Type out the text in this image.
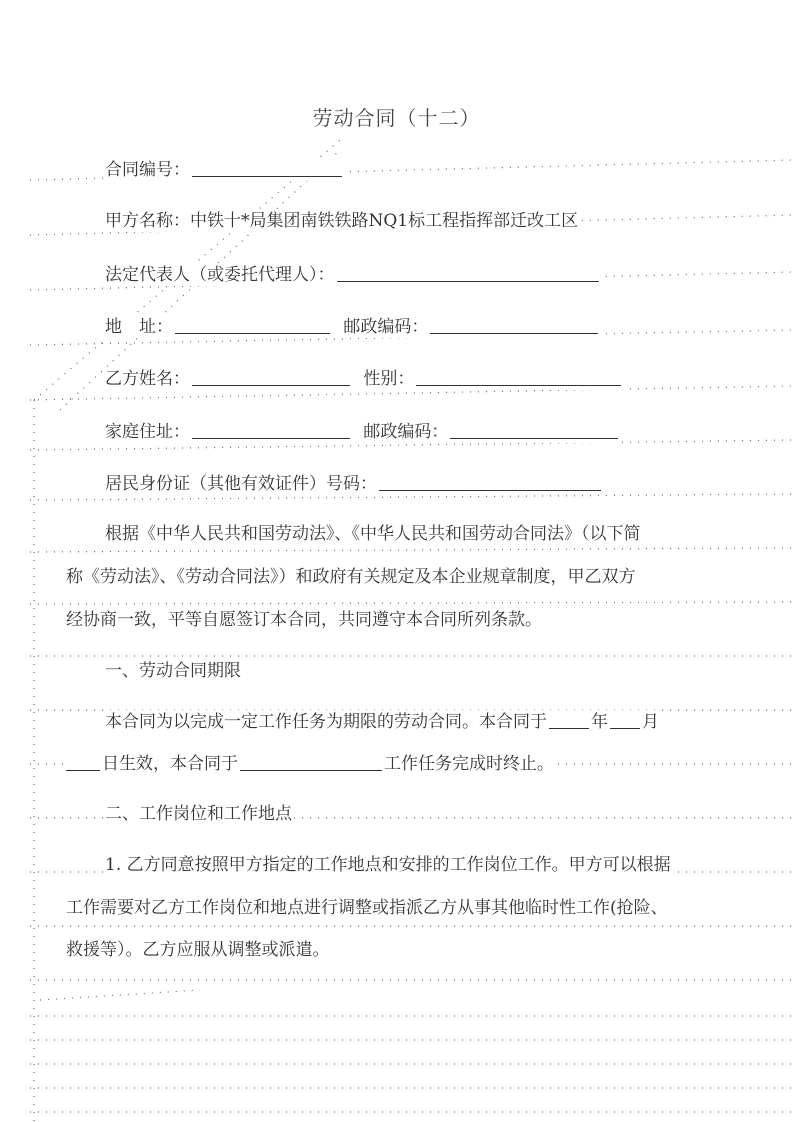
劳动合同（十二）
合同编号：
甲方名称：中铁十*局集团南铁铁路NQ1标工程指挥部迁改工区
法定代表人（或委托代理人）：
地　址：	邮政编码：
乙方姓名：	性别：
家庭住址：	邮政编码：
居民身份证（其他有效证件）号码：
根据《中华人民共和国劳动法》、《中华人民共和国劳动合同法》（以下简
称《劳动法》、《劳动合同法》）和政府有关规定及本企业规章制度，甲乙双方
经协商一致，平等自愿签订本合同，共同遵守本合同所列条款。
一、劳动合同期限
本合同为以完成一定工作任务为期限的劳动合同。本合同于	年 月
日生效，本合同于	工作任务完成时终止。
二、工作岗位和工作地点
1. 乙方同意按照甲方指定的工作地点和安排的工作岗位工作。甲方可以根据
工作需要对乙方工作岗位和地点进行调整或指派乙方从事其他临时性工作(抢险、
救援等）。乙方应服从调整或派遣。
